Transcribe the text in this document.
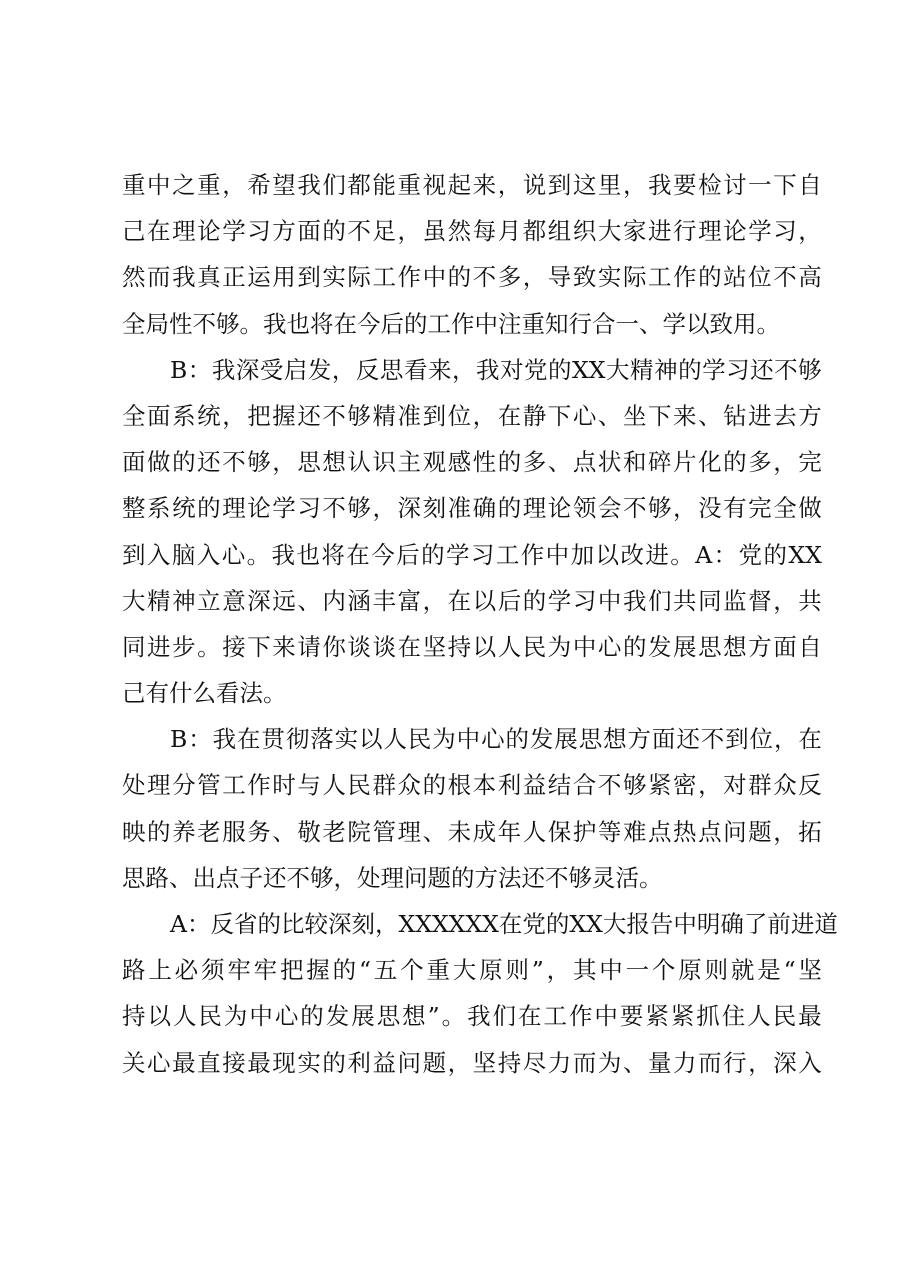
重 中 之 重 ， 希 望 我 们 都 能 重 视 起 来 ， 说 到 这 里 ， 我 要 检 讨 一 下 自
己 在 理 论 学 习 方 面 的 不 足 ， 虽 然 每 月 都 组 织 大 家 进 行 理 论 学 习 ，
然 而 我 真 正 运 用 到 实 际 工 作 中 的 不 多 ， 导 致 实 际 工 作 的 站 位 不 高
全局性不够。我也将在今后的工作中注重知行合一、学以致用。
B ： 我 深 受 启 发 ， 反 思 看 来 ， 我 对 党 的 XX 大 精 神 的 学 习 还 不 够
全 面 系 统 ， 把 握 还 不 够 精 准 到 位 ， 在 静 下 心 、 坐 下 来 、 钻 进 去 方
面 做 的 还 不 够 ， 思 想 认 识 主 观 感 性 的 多 、 点 状 和 碎 片 化 的 多 ， 完
整 系 统 的 理 论 学 习 不 够 ， 深 刻 准 确 的 理 论 领 会 不 够 ， 没 有 完 全 做
到 入 脑 入 心 。 我 也 将 在 今 后 的 学 习 工 作 中 加 以 改 进 。 A ： 党 的 XX
大 精 神 立 意 深 远 、 内 涵 丰 富 ， 在 以 后 的 学 习 中 我 们 共 同 监 督 ， 共
同 进 步 。 接 下 来 请 你 谈 谈 在 坚 持 以 人 民 为 中 心 的 发 展 思 想 方 面 自
己有什么看法。
B ： 我 在 贯 彻 落 实 以 人 民 为 中 心 的 发 展 思 想 方 面 还 不 到 位 ， 在
处 理 分 管 工 作 时 与 人 民 群 众 的 根 本 利 益 结 合 不 够 紧 密 ， 对 群 众 反
映 的 养 老 服 务 、 敬 老 院 管 理 、 未 成 年 人 保 护 等 难 点 热 点 问 题 ， 拓
思路、出点子还不够，处理问题的方法还不够灵活。
A ： 反 省 的 比 较 深 刻 ， XXXXXX 在 党 的 XX 大 报 告 中 明 确 了 前 进 道
路 上 必 须 牢 牢 把 握 的 “ 五 个 重 大 原 则 ” ， 其 中 一 个 原 则 就 是 “ 坚
持 以 人 民 为 中 心 的 发 展 思 想 ” 。 我 们 在 工 作 中 要 紧 紧 抓 住 人 民 最
关 心 最 直 接 最 现 实 的 利 益 问 题 ， 坚 持 尽 力 而 为 、 量 力 而 行 ， 深 入
